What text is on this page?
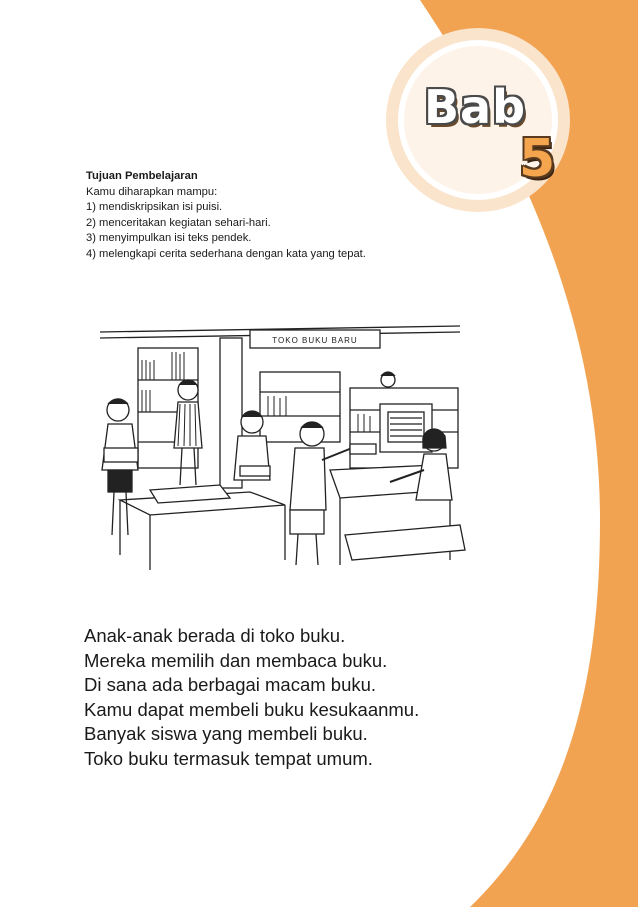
Bab
5
Tujuan Pembelajaran
Kamu diharapkan mampu:
1) mendiskripsikan isi puisi.
2) menceritakan kegiatan sehari-hari.
3) menyimpulkan isi teks pendek.
4) melengkapi cerita sederhana dengan kata yang tepat.
TOKO BUKU BARU
Anak-anak berada di toko buku.
Mereka memilih dan membaca buku.
Di sana ada berbagai macam buku.
Kamu dapat membeli buku kesukaanmu.
Banyak siswa yang membeli buku.
Toko buku termasuk tempat umum.
